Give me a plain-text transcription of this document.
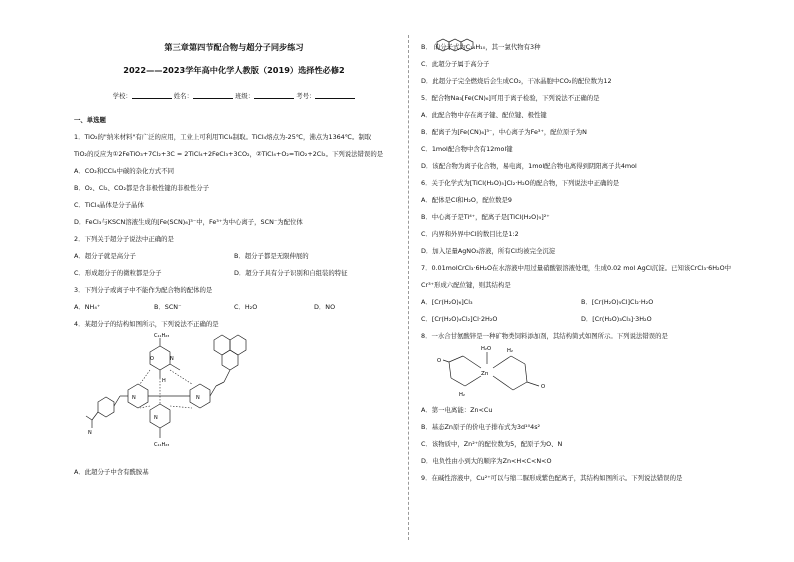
第三章第四节配合物与超分子同步练习

2022——2023学年高中化学人教版（2019）选择性必修2

学校：	姓名：	班级：	考号：

一、单选题

1．TiO₂的"纳米材料"有广泛的应用，工业上可利用TiCl₄制取。TiCl₄熔点为-25℃，沸点为1364℃。制取

TiO₂的反应为①2FeTiO₃+7Cl₂+3C = 2TiCl₄+2FeCl₃+3CO₂，②TiCl₄+O₂=TiO₂+2Cl₂。下列说法错误的是

A．CO₂和CCl₄中碳的杂化方式不同

B．O₂、Cl₂、CO₂都是含非极性键的非极性分子

C．TiCl₄晶体是分子晶体

D．FeCl₃与KSCN溶液生成的[Fe(SCN)₆]³⁻中，Fe³⁺为中心离子，SCN⁻为配位体

2．下列关于超分子说法中正确的是

A．超分子就是高分子	B．超分子都是无限伸展的
C．形成超分子的微粒都是分子	D．超分子具有分子识别和自组装的特征

3．下列分子或离子中不能作为配合物的配体的是

A．NH₄⁺	B．SCN⁻	C．H₂O	D．NO

4．某超分子的结构如图所示，下列说法不正确的是

C₁₁H₂₃
C₁₁H₂₃
N
O
N
N
N
H
N

A．此超分子中含有酰胺基

B． 的分子式为C₁₄H₁₀，其一氯代物有3种

C．此超分子属于高分子

D．此超分子完全燃烧后会生成CO₂，干冰晶胞中CO₂的配位数为12

5．配合物Na₃[Fe(CN)₆]可用于离子检验，下列说法不正确的是

A．此配合物中存在离子键、配位键、极性键

B．配离子为[Fe(CN)₆]³⁻，中心离子为Fe³⁺，配位原子为N

C．1mol配合物中含有12mol键

D．该配合物为离子化合物，易电离，1mol配合物电离得到阴阳离子共4mol

6．关于化学式为[TiCl(H₂O)₅]Cl₂·H₂O的配合物，下列说法中正确的是

A．配体是Cl和H₂O，配位数是9

B．中心离子是Ti⁴⁺，配离子是[TiCl(H₂O)₅]²⁺

C．内界和外界中Cl的数目比是1:2

D．加入足量AgNO₃溶液，所有Cl均被完全沉淀

7．0.01molCrCl₃·6H₂O在水溶液中用过量硝酸银溶液处理，生成0.02 mol AgCl沉淀。已知该CrCl₃·6H₂O中

Cr³⁺形成六配位键，则其结构是

A．[Cr(H₂O)₆]Cl₃	B．[Cr(H₂O)₅Cl]Cl₂·H₂O
C．[Cr(H₂O)₄Cl₂]Cl·2H₂O	D．[Cr(H₂O)₃Cl₃]·3H₂O

8．一水合甘氨酸锌是一种矿物类饲料添加剂，其结构简式如图所示。下列说法错误的是

O
Zn
H₂O	H₂
H₂
O

A．第一电离能：Zn<Cu

B．基态Zn原子的价电子排布式为3d¹⁰4s²

C．该物质中，Zn²⁺的配位数为5，配原子为O、N

D．电负性由小到大的顺序为Zn<H<C<N<O

9．在碱性溶液中，Cu²⁺可以与缩二脲形成紫色配离子，其结构如图所示。下列说法错误的是
